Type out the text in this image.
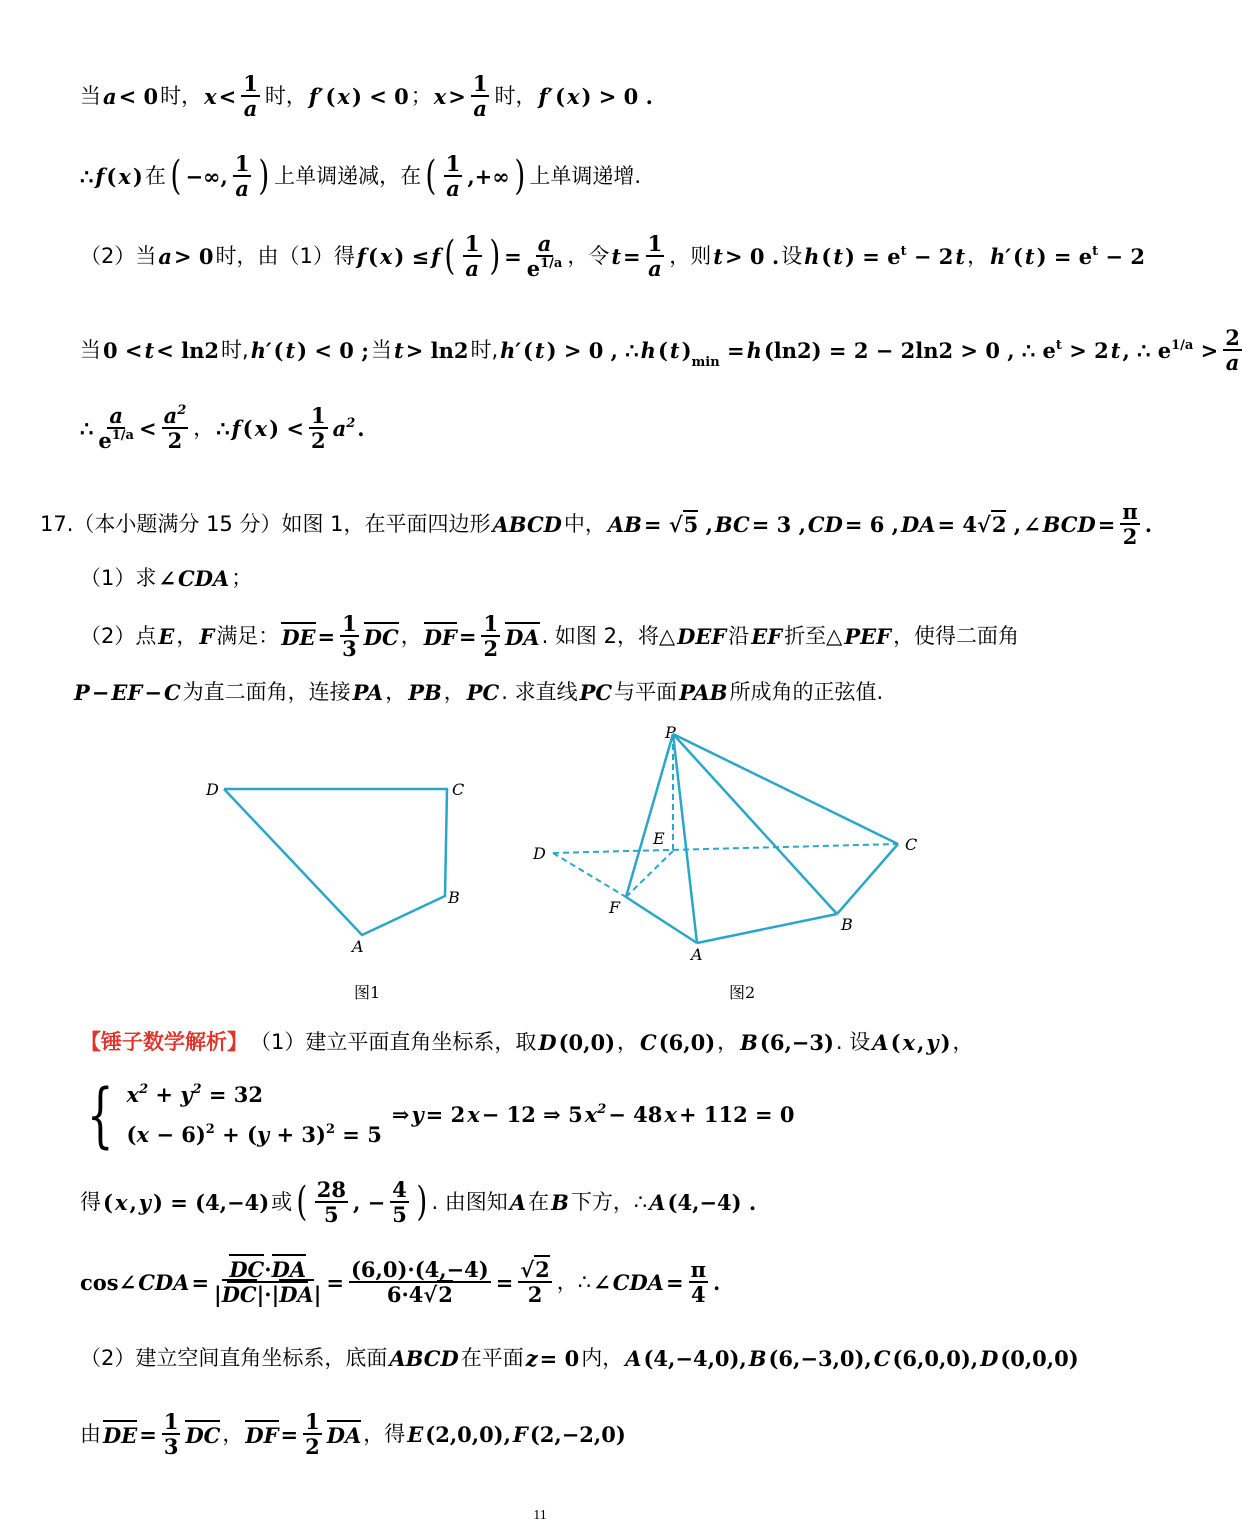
当 a < 0 时， $x < \frac{1}{a}$ 时， f′ ( x ) < 0 ； $x > \frac{1}{a}$ 时， f′ ( x ) > 0 .
∴ f ( x ) 在 ( −∞, $\frac{1}{a}$ ) 上单调递减，在 ( $\frac{1}{a}$ ,+∞ ) 上单调递增.
（2）当 a > 0 时，由（1）得 f ( x ) ≤ f ( $\frac{1}{a}$ ) = $\frac{a}{e^{1/a}}$ ，令 $t = \frac{1}{a}$ ，则 t > 0 . 设 h ( t ) = $e^t - 2$ t ， h′ ( t ) = $e^t - 2$
当 0 < t < ln2 时, h′ ( t ) < 0 ; 当 t > ln2 时, h′ ( t ) > 0 , ∴ h ( t )$_{min} = h$ (ln2) = 2 − 2ln2 > 0 , ∴ $e^t > 2$ t , ∴ $e^{1/a} > \frac{2}{a}$
∴ $\frac{a}{e^{1/a}} < \frac{a^2}{2}$ ， ∴ f ( x ) < $\frac{1}{2} a^2$ .
17.（本小题满分 15 分）如图 1，在平面四边形 ABCD 中， AB = √5 , BC = 3 , CD = 6 , DA = 4√2 , ∠ BCD = $\frac{\pi}{2}$ .
（1）求 ∠ CDA ；
（2）点 E ， F 满足： DE = $\frac{1}{3}$ DC ， DF = $\frac{1}{2}$ DA . 如图 2，将△ DEF 沿 EF 折至△ PEF ，使得二面角
P − EF − C 为直二面角，连接 PA ， PB ， PC . 求直线 PC 与平面 PAB 所成角的正弦值.
D	C
B
A
图1
P
E
D	C
F
B
A
图2
【锤子数学解析】 （1）建立平面直角坐标系，取 D (0,0) ， C (6,0) ， B (6,−3) . 设 A ( x , y ) ，
{ $x^2 + y^2 = 32$
$(x - 6)^2 + (y + 3)^2 = 5$
⇒ y = 2 x − 12 ⇒ 5 $x^2 - 48$ x + 112 = 0
得 ( x , y ) = (4,−4) 或 ( $\frac{28}{5}$ , − $\frac{4}{5}$ ) . 由图知 A 在 B 下方，∴ A (4,−4) .
cos∠ CDA = $\frac{DC\cdot DA}{|DC|\cdot|DA|} = \frac{(6,0)\cdot(4,-4)}{6\cdot 4√2} = \frac{√2}{2}$ ，∴ ∠ CDA = $\frac{\pi}{4}$ .
（2）建立空间直角坐标系，底面 ABCD 在平面 z = 0 内， A (4,−4,0), B (6,−3,0), C (6,0,0), D (0,0,0)
由 DE = $\frac{1}{3}$ DC ， DF = $\frac{1}{2}$ DA ，得 E (2,0,0), F (2,−2,0)
11
